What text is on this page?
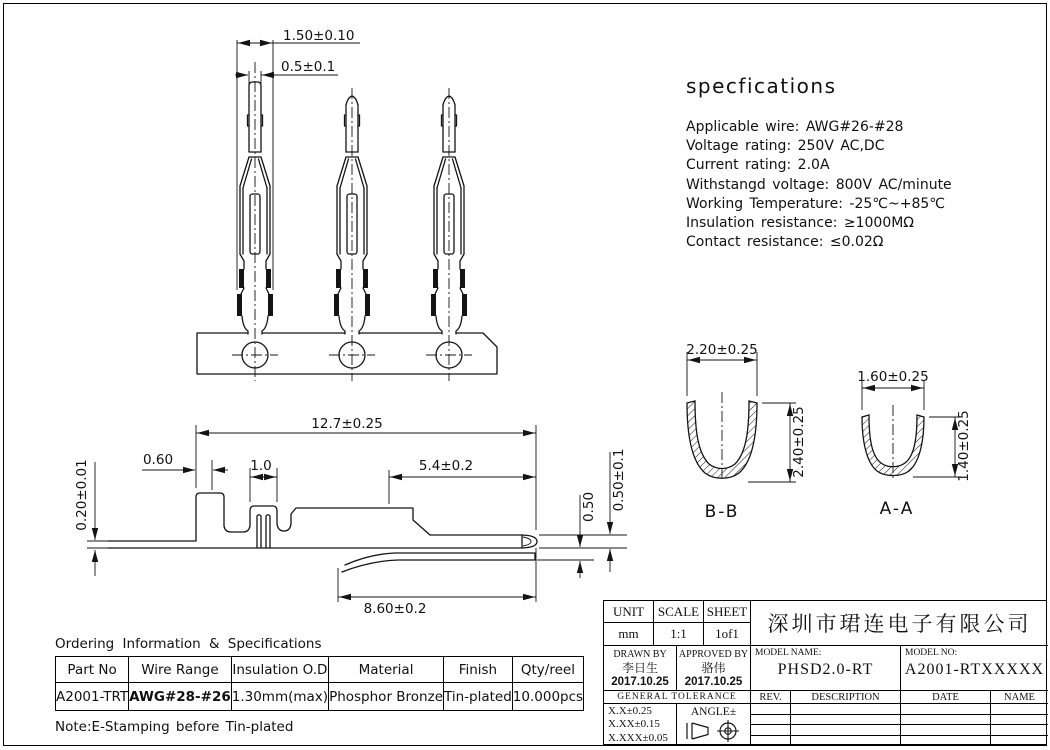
1.50±0.10
0.5±0.1
12.7±0.25
0.60	1.0	5.4±0.2
8.60±0.2
0.20±0.01	0.50 0.50±0.1
2.20±0.25
2.40±0.25
B-B
1.60±0.25
1.40±0.25
A-A
specfications
Applicable wire: AWG#26-#28
Voltage rating: 250V AC,DC
Current rating: 2.0A
Withstangd voltage: 800V AC/minute
Working Temperature: -25℃~+85℃
Insulation resistance: ≥1000MΩ
Contact resistance: ≤0.02Ω
Ordering Information & Specifications
Part No	Wire Range	Insulation O.D	Material	Finish	Qty/reel
A2001-TRT	AWG#28-#26	1.30mm(max)	Phosphor Bronze	Tin-plated	10.000pcs
Note:E-Stamping before Tin-plated
UNIT	SCALE SHEET
mm	1:1	1of1
DRAWN BY
李日生
2017.10.25
APPROVED BY
骆伟
2017.10.25
GENERAL TOLERANCE
X.X±0.25
X.XX±0.15
X.XXX±0.05
ANGLE±
深圳市珺连电子有限公司
MODEL NAME:
PHSD2.0-RT
MODEL NO:
A2001-RTXXXXX
REV.	DESCRIPTION	DATE	NAME
